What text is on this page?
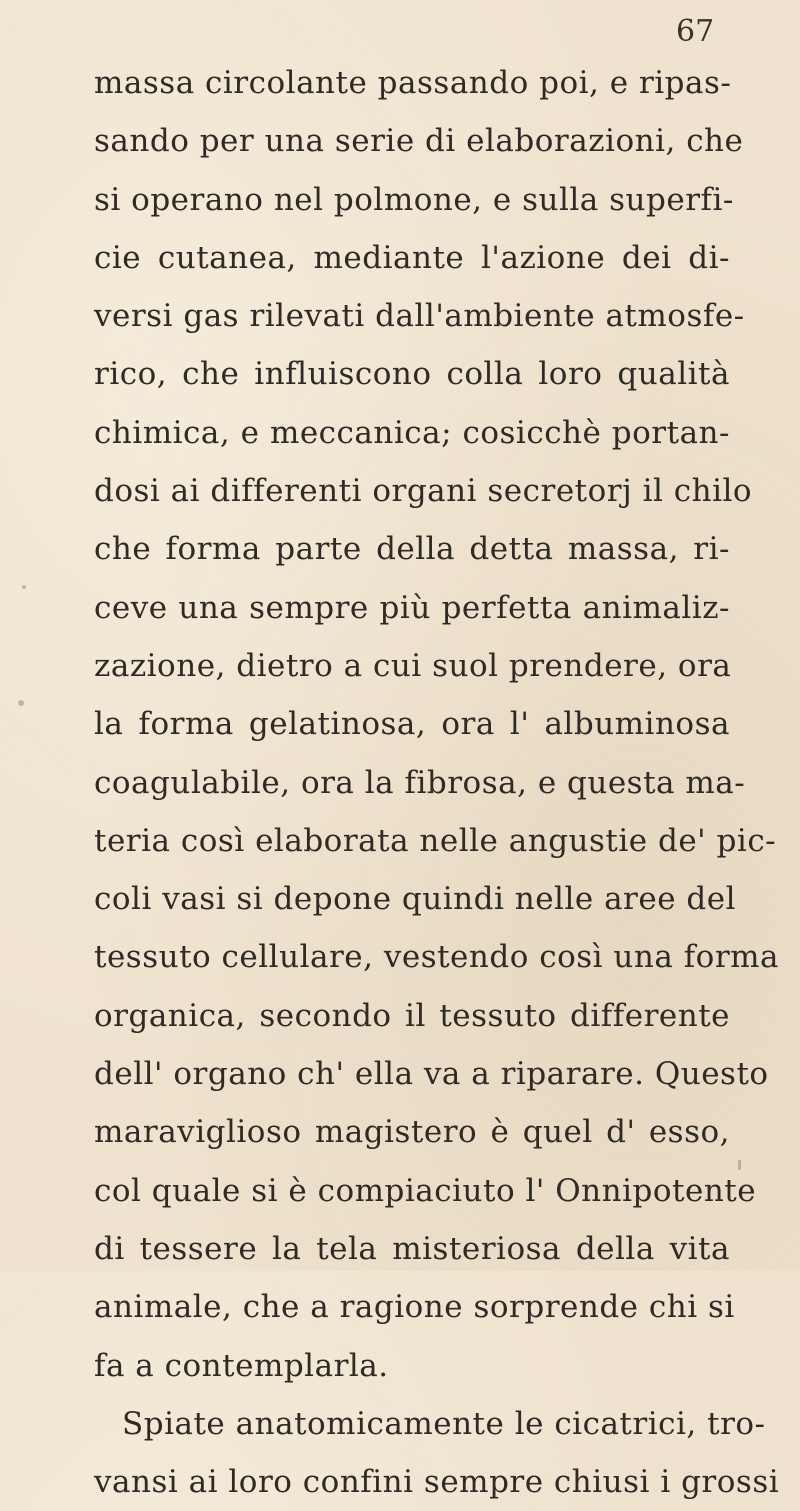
67
massa circolante passando poi, e ripas-
sando per una serie di elaborazioni, che
si operano nel polmone, e sulla superfi-
cie cutanea, mediante l'azione dei di-
versi gas rilevati dall'ambiente atmosfe-
rico, che influiscono colla loro qualità
chimica, e meccanica; cosicchè portan-
dosi ai differenti organi secretorj il chilo
che forma parte della detta massa, ri-
ceve una sempre più perfetta animaliz-
zazione, dietro a cui suol prendere, ora
la forma gelatinosa, ora l' albuminosa
coagulabile, ora la fibrosa, e questa ma-
teria così elaborata nelle angustie de' pic-
coli vasi si depone quindi nelle aree del
tessuto cellulare, vestendo così una forma
organica, secondo il tessuto differente
dell' organo ch' ella va a riparare. Questo
maraviglioso magistero è quel d' esso,
col quale si è compiaciuto l' Onnipotente
di tessere la tela misteriosa della vita
animale, che a ragione sorprende chi si
fa a contemplarla.
Spiate anatomicamente le cicatrici, tro-
vansi ai loro confini sempre chiusi i grossi
